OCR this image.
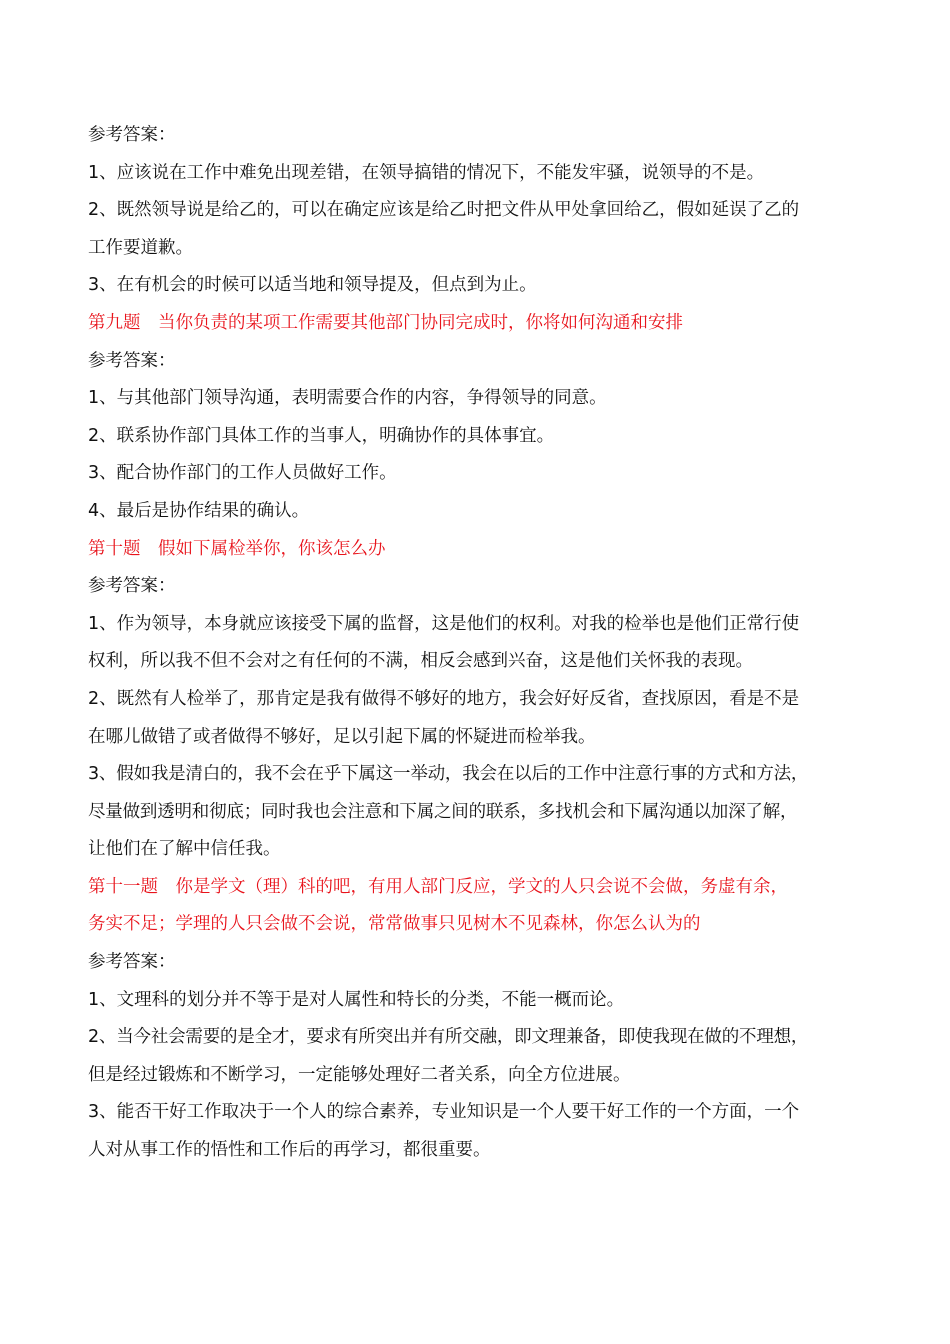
参考答案：
1、应该说在工作中难免出现差错，在领导搞错的情况下，不能发牢骚，说领导的不是。
2、既然领导说是给乙的，可以在确定应该是给乙时把文件从甲处拿回给乙，假如延误了乙的
工作要道歉。
3、在有机会的时候可以适当地和领导提及，但点到为止。
第九题　当你负责的某项工作需要其他部门协同完成时，你将如何沟通和安排
参考答案：
1、与其他部门领导沟通，表明需要合作的内容，争得领导的同意。
2、联系协作部门具体工作的当事人，明确协作的具体事宜。
3、配合协作部门的工作人员做好工作。
4、最后是协作结果的确认。
第十题　假如下属检举你，你该怎么办
参考答案：
1、作为领导，本身就应该接受下属的监督，这是他们的权利。对我的检举也是他们正常行使
权利，所以我不但不会对之有任何的不满，相反会感到兴奋，这是他们关怀我的表现。
2、既然有人检举了，那肯定是我有做得不够好的地方，我会好好反省，查找原因，看是不是
在哪儿做错了或者做得不够好，足以引起下属的怀疑进而检举我。
3、假如我是清白的，我不会在乎下属这一举动，我会在以后的工作中注意行事的方式和方法，
尽量做到透明和彻底；同时我也会注意和下属之间的联系，多找机会和下属沟通以加深了解，
让他们在了解中信任我。
第十一题　你是学文（理）科的吧，有用人部门反应，学文的人只会说不会做，务虚有余，
务实不足；学理的人只会做不会说，常常做事只见树木不见森林，你怎么认为的
参考答案：
1、文理科的划分并不等于是对人属性和特长的分类，不能一概而论。
2、当今社会需要的是全才，要求有所突出并有所交融，即文理兼备，即使我现在做的不理想，
但是经过锻炼和不断学习，一定能够处理好二者关系，向全方位进展。
3、能否干好工作取决于一个人的综合素养，专业知识是一个人要干好工作的一个方面，一个
人对从事工作的悟性和工作后的再学习，都很重要。
